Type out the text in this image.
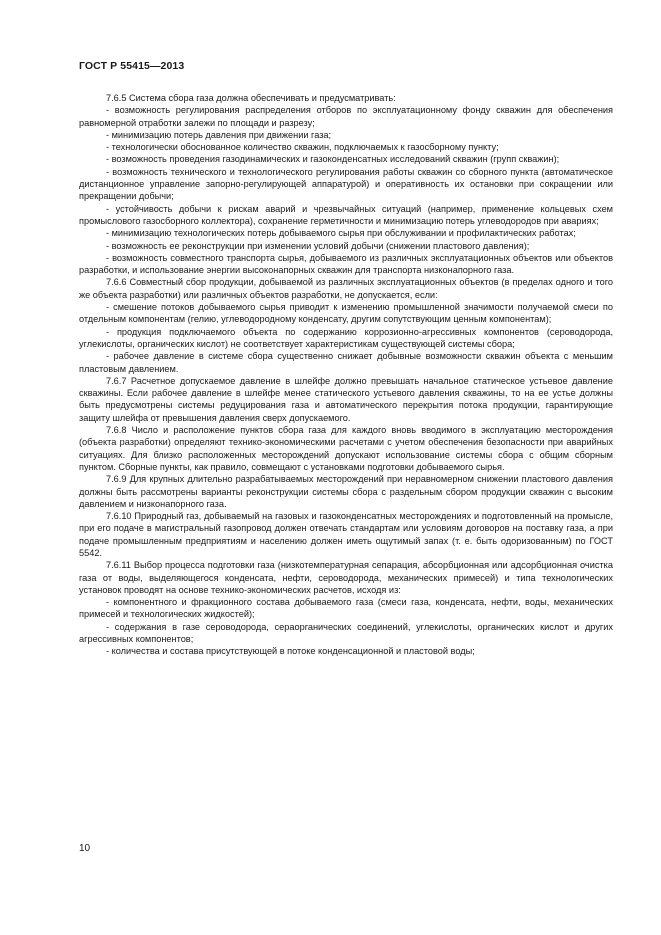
ГОСТ Р 55415—2013

7.6.5 Система сбора газа должна обеспечивать и предусматривать:

- возможность регулирования распределения отборов по эксплуатационному фонду скважин для обеспечения равномерной отработки залежи по площади и разрезу;

- минимизацию потерь давления при движении газа;

- технологически обоснованное количество скважин, подключаемых к газосборному пункту;

- возможность проведения газодинамических и газоконденсатных исследований скважин (групп скважин);

- возможность технического и технологического регулирования работы скважин со сборного пункта (автоматическое дистанционное управление запорно-регулирующей аппаратурой) и оперативность их остановки при сокращении или прекращении добычи;

- устойчивость добычи к рискам аварий и чрезвычайных ситуаций (например, применение кольцевых схем промыслового газосборного коллектора), сохранение герметичности и минимизацию потерь углеводородов при авариях;

- минимизацию технологических потерь добываемого сырья при обслуживании и профилактических работах;

- возможность ее реконструкции при изменении условий добычи (снижении пластового давления);

- возможность совместного транспорта сырья, добываемого из различных эксплуатационных объектов или объектов разработки, и использование энергии высоконапорных скважин для транспорта низконапорного газа.

7.6.6 Совместный сбор продукции, добываемой из различных эксплуатационных объектов (в пределах одного и того же объекта разработки) или различных объектов разработки, не допускается, если:

- смешение потоков добываемого сырья приводит к изменению промышленной значимости получаемой смеси по отдельным компонентам (гелию, углеводородному конденсату, другим сопутствующим ценным компонентам);

- продукция подключаемого объекта по содержанию коррозионно-агрессивных компонентов (сероводорода, углекислоты, органических кислот) не соответствует характеристикам существующей системы сбора;

- рабочее давление в системе сбора существенно снижает добывные возможности скважин объекта с меньшим пластовым давлением.

7.6.7 Расчетное допускаемое давление в шлейфе должно превышать начальное статическое устьевое давление скважины. Если рабочее давление в шлейфе менее статического устьевого давления скважины, то на ее устье должны быть предусмотрены системы редуцирования газа и автоматического перекрытия потока продукции, гарантирующие защиту шлейфа от превышения давления сверх допускаемого.

7.6.8 Число и расположение пунктов сбора газа для каждого вновь вводимого в эксплуатацию месторождения (объекта разработки) определяют технико-экономическими расчетами с учетом обеспечения безопасности при аварийных ситуациях. Для близко расположенных месторождений допускают использование системы сбора с общим сборным пунктом. Сборные пункты, как правило, совмещают с установками подготовки добываемого сырья.

7.6.9 Для крупных длительно разрабатываемых месторождений при неравномерном снижении пластового давления должны быть рассмотрены варианты реконструкции системы сбора с раздельным сбором продукции скважин с высоким давлением и низконапорного газа.

7.6.10 Природный газ, добываемый на газовых и газоконденсатных месторождениях и подготовленный на промысле, при его подаче в магистральный газопровод должен отвечать стандартам или условиям договоров на поставку газа, а при подаче промышленным предприятиям и населению должен иметь ощутимый запах (т. е. быть одоризованным) по ГОСТ 5542.

7.6.11 Выбор процесса подготовки газа (низкотемпературная сепарация, абсорбционная или адсорбционная очистка газа от воды, выделяющегося конденсата, нефти, сероводорода, механических примесей) и типа технологических установок проводят на основе технико-экономических расчетов, исходя из:

- компонентного и фракционного состава добываемого газа (смеси газа, конденсата, нефти, воды, механических примесей и технологических жидкостей);

- содержания в газе сероводорода, сераорганических соединений, углекислоты, органических кислот и других агрессивных компонентов;

- количества и состава присутствующей в потоке конденсационной и пластовой воды;

10
